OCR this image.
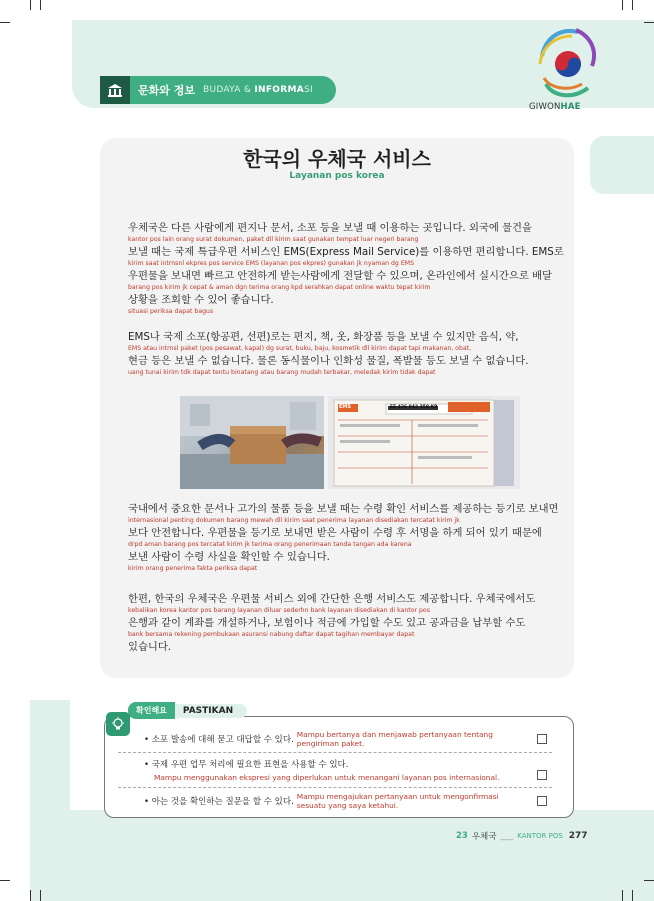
문화와 정보 BUDAYA & INFORMASI
GIWONHAE
한국의 우체국 서비스
Layanan pos korea
우체국은 다른 사람에게 편지나 문서, 소포 등을 보낼 때 이용하는 곳입니다. 외국에 물건을
kantor pos lain orang surat dokumen, paket dll kirim saat gunakan tempat luar negeri barang
보낼 때는 국제 특급우편 서비스인 EMS(Express Mail Service)를 이용하면 편리합니다. EMS로
kirim saat intrnsnl ekpres pos service EMS (layanan pos ekpres) gunakan jk nyaman dg EMS
우편물을 보내면 빠르고 안전하게 받는사람에게 전달할 수 있으며, 온라인에서 실시간으로 배달
barang pos kirim jk cepat & aman dgn terima orang kpd serahkan dapat online waktu tepat kirim
상황을 조회할 수 있어 좋습니다.
situasi periksa dapat bagus
EMS나 국제 소포(항공편, 선편)로는 편지, 책, 옷, 화장품 등을 보낼 수 있지만 음식, 약,
EMS atau intrnsl paket (pos pesawat, kapal) dg surat, buku, baju, kosmetik dll kirim dapat tapi makanan, obat,
현금 등은 보낼 수 없습니다. 물론 동식물이나 인화성 물질, 폭발물 등도 보낼 수 없습니다.
uang tunai kirim tdk dapat tentu binatang atau barang mudah terbakar, meledak kirim tidak dapat
EMS	EE 426 943 358 KR
국내에서 중요한 문서나 고가의 물품 등을 보낼 때는 수령 확인 서비스를 제공하는 등기로 보내면
internasional penting dokumen barang mewah dll kirim saat penerima layanan disediakan tercatat kirim jk
보다 안전합니다. 우편물을 등기로 보내면 받은 사람이 수령 후 서명을 하게 되어 있기 때문에
drpd aman barang pos tercatat kirim jk terima orang penerimaan tanda tangan ada karena
보낸 사람이 수령 사실을 확인할 수 있습니다.
kirim orang penerima fakta periksa dapat
한편, 한국의 우체국은 우편물 서비스 외에 간단한 은행 서비스도 제공합니다. 우체국에서도
kebalikan korea kantor pos barang layanan diluar sederhn bank layanan disediakan di kantor pos
은행과 같이 계좌를 개설하거나, 보험이나 적금에 가입할 수도 있고 공과금을 납부할 수도
bank bersama rekening pembukaan asuransi nabung daftar dapat tagihan membayar dapat
있습니다.
확인해요	PASTIKAN
• 소포 발송에 대해 묻고 대답할 수 있다.
Mampu bertanya dan menjawab pertanyaan tentang pengiriman paket.
• 국제 우편 업무 처리에 필요한 표현을 사용할 수 있다.
Mampu menggunakan ekspresi yang diperlukan untuk menangani layanan pos internasional.
• 아는 것을 확인하는 질문을 할 수 있다.
Mampu mengajukan pertanyaan untuk mengonfirmasi sesuatu yang saya ketahui.
23 우체국 ___ KANTOR POS 277
